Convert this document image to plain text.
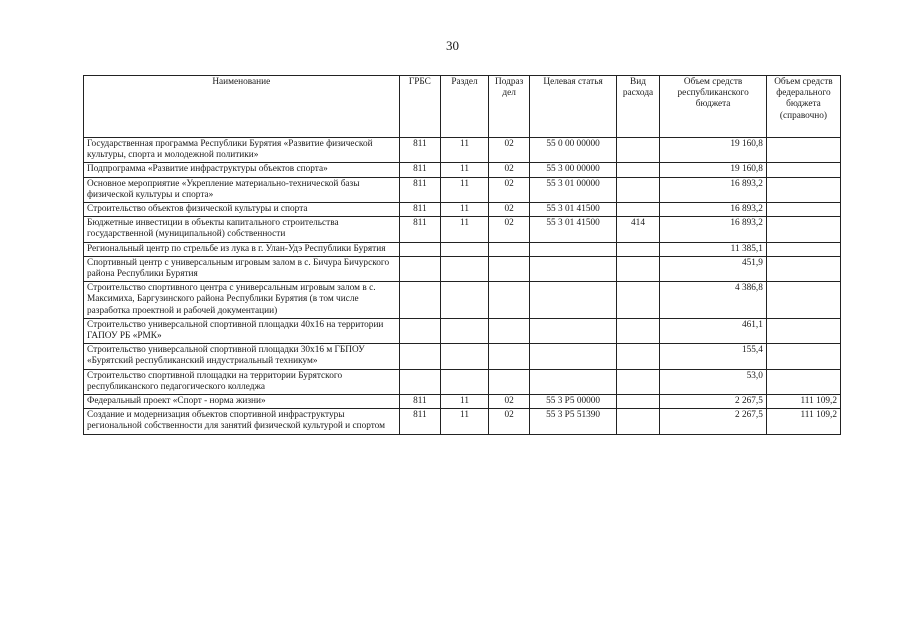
30
Наименование	ГРБС	Раздел	Подраз дел	Целевая статья	Вид расхода	Объем средств республиканского бюджета	Объем средств федерального бюджета (справочно)
Государственная программа Республики Бурятия «Развитие физической культуры, спорта и молодежной политики»	811	11	02	55 0 00 00000		19 160,8	
Подпрограмма «Развитие инфраструктуры объектов спорта»	811	11	02	55 3 00 00000		19 160,8	
Основное мероприятие «Укрепление материально-технической базы физической культуры и спорта»	811	11	02	55 3 01 00000		16 893,2	
Строительство объектов физической культуры и спорта	811	11	02	55 3 01 41500		16 893,2	
Бюджетные инвестиции в объекты капитального строительства государственной (муниципальной) собственности	811	11	02	55 3 01 41500	414	16 893,2	
Региональный центр по стрельбе из лука в г. Улан-Удэ Республики Бурятия						11 385,1	
Спортивный центр с универсальным игровым залом в с. Бичура Бичурского района Республики Бурятия						451,9	
Строительство спортивного центра с универсальным игровым залом в с. Максимиха, Баргузинского района Республики Бурятия (в том числе разработка проектной и рабочей документации)						4 386,8	
Строительство универсальной спортивной площадки 40х16 на территории ГАПОУ РБ «РМК»						461,1	
Строительство универсальной спортивной площадки 30х16 м ГБПОУ «Бурятский республиканский индустриальный техникум»						155,4	
Строительство спортивной площадки на территории Бурятского республиканского педагогического колледжа						53,0	
Федеральный проект «Спорт - норма жизни»	811	11	02	55 3 Р5 00000		2 267,5	111 109,2
Создание и модернизация объектов спортивной инфраструктуры региональной собственности для занятий физической культурой и спортом	811	11	02	55 3 Р5 51390		2 267,5	111 109,2
